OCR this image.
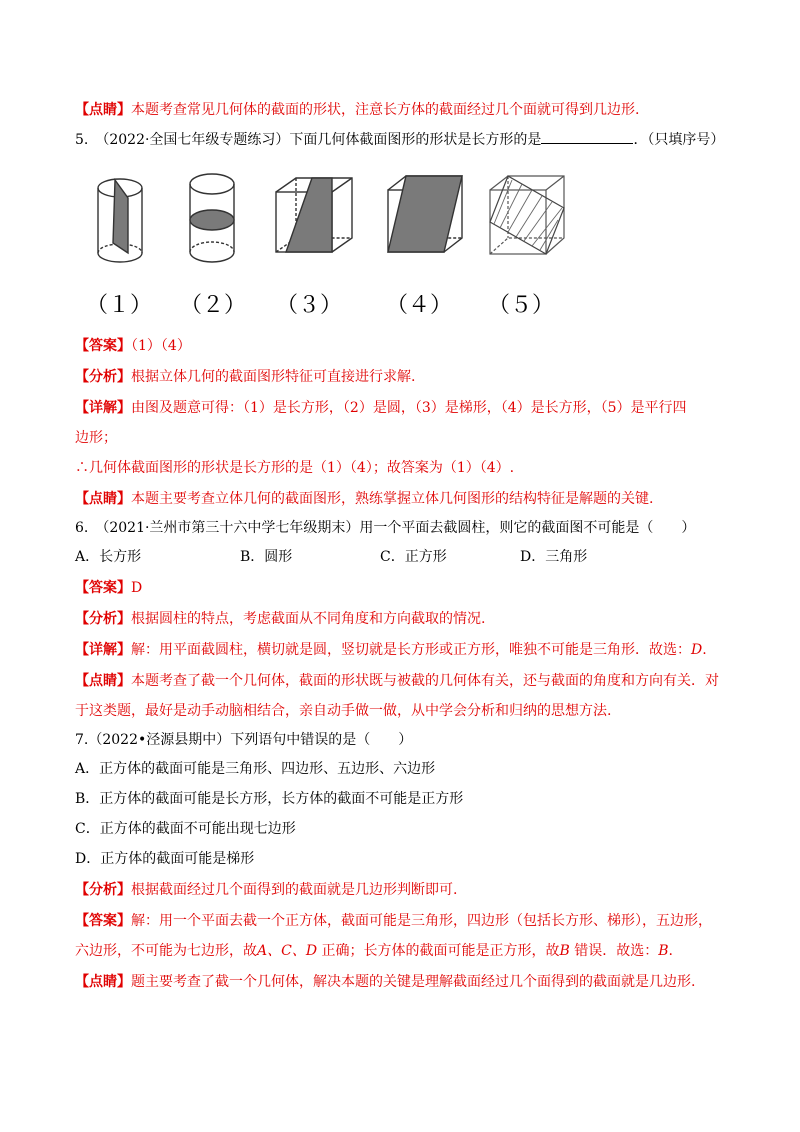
【点睛】本题考查常见几何体的截面的形状，注意长方体的截面经过几个面就可得到几边形.
5.　（2022·全国七年级专题练习）下面几何体截面图形的形状是长方形的是	．（只填序号）
（１） （２） （３） （４） （５）
【答案】（1）（4）
【分析】根据立体几何的截面图形特征可直接进行求解.
【详解】由图及题意可得：（1）是长方形，（2）是圆，（3）是梯形，（4）是长方形，（5）是平行四
边形；
∴几何体截面图形的形状是长方形的是（1）（4）；故答案为（1）（4）.
【点睛】本题主要考查立体几何的截面图形，熟练掌握立体几何图形的结构特征是解题的关键.
6.　（2021·兰州市第三十六中学七年级期末）用一个平面去截圆柱，则它的截面图不可能是（　　）
A．长方形	B．圆形	C．正方形	D．三角形
【答案】D
【分析】根据圆柱的特点，考虑截面从不同角度和方向截取的情况.
【详解】解：用平面截圆柱，横切就是圆，竖切就是长方形或正方形，唯独不可能是三角形．故选：D.
【点睛】本题考查了截一个几何体，截面的形状既与被截的几何体有关，还与截面的角度和方向有关．对
于这类题，最好是动手动脑相结合，亲自动手做一做，从中学会分析和归纳的思想方法.
7.（2022•泾源县期中）下列语句中错误的是（　　）
A．正方体的截面可能是三角形、四边形、五边形、六边形
B．正方体的截面可能是长方形，长方体的截面不可能是正方形
C．正方体的截面不可能出现七边形
D．正方体的截面可能是梯形
【分析】根据截面经过几个面得到的截面就是几边形判断即可.
【答案】解：用一个平面去截一个正方体，截面可能是三角形，四边形（包括长方形、梯形），五边形，
六边形，不可能为七边形，故A、C、D 正确；长方体的截面可能是正方形，故B 错误．故选：B.
【点睛】题主要考查了截一个几何体，解决本题的关键是理解截面经过几个面得到的截面就是几边形.
